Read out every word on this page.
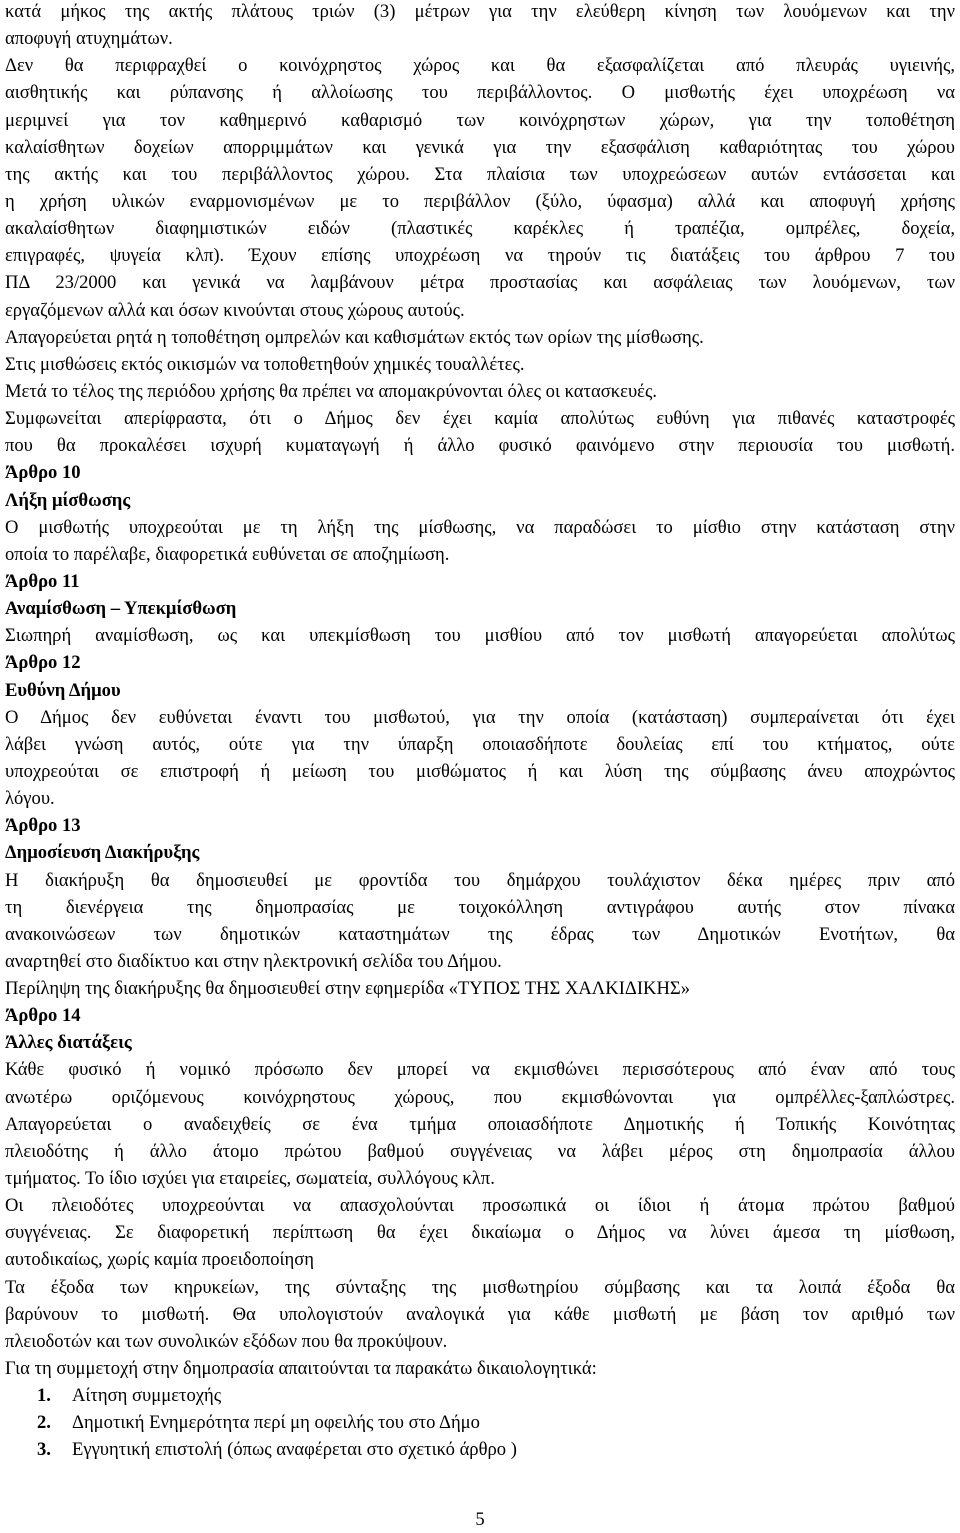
κατά μήκος της ακτής πλάτους τριών (3) μέτρων για την ελεύθερη κίνηση των λουόμενων και την
αποφυγή ατυχημάτων.
Δεν θα περιφραχθεί ο κοινόχρηστος χώρος και θα εξασφαλίζεται από πλευράς υγιεινής,
αισθητικής και ρύπανσης ή αλλοίωσης του περιβάλλοντος. Ο μισθωτής έχει υποχρέωση να
μεριμνεί για τον καθημερινό καθαρισμό των κοινόχρηστων χώρων, για την τοποθέτηση
καλαίσθητων δοχείων απορριμμάτων και γενικά για την εξασφάλιση καθαριότητας του χώρου
της ακτής και του περιβάλλοντος χώρου. Στα πλαίσια των υποχρεώσεων αυτών εντάσσεται και
η χρήση υλικών εναρμονισμένων με το περιβάλλον (ξύλο, ύφασμα) αλλά και αποφυγή χρήσης
ακαλαίσθητων διαφημιστικών ειδών (πλαστικές καρέκλες ή τραπέζια, ομπρέλες, δοχεία,
επιγραφές, ψυγεία κλπ). Έχουν επίσης υποχρέωση να τηρούν τις διατάξεις του άρθρου 7 του
ΠΔ 23/2000 και γενικά να λαμβάνουν μέτρα προστασίας και ασφάλειας των λουόμενων, των
εργαζόμενων αλλά και όσων κινούνται στους χώρους αυτούς.
Απαγορεύεται ρητά η τοποθέτηση ομπρελών και καθισμάτων εκτός των ορίων της μίσθωσης.
Στις μισθώσεις εκτός οικισμών να τοποθετηθούν χημικές τουαλλέτες.
Μετά το τέλος της περιόδου χρήσης θα πρέπει να απομακρύνονται όλες οι κατασκευές.
Συμφωνείται απερίφραστα, ότι ο Δήμος δεν έχει καμία απολύτως ευθύνη για πιθανές καταστροφές
που θα προκαλέσει ισχυρή κυματαγωγή ή άλλο φυσικό φαινόμενο στην περιουσία του μισθωτή.
Άρθρο 10
Λήξη μίσθωσης
Ο μισθωτής υποχρεούται με τη λήξη της μίσθωσης, να παραδώσει το μίσθιο στην κατάσταση στην
οποία το παρέλαβε, διαφορετικά ευθύνεται σε αποζημίωση.
Άρθρο 11
Αναμίσθωση – Υπεκμίσθωση
Σιωπηρή αναμίσθωση, ως και υπεκμίσθωση του μισθίου από τον μισθωτή απαγορεύεται απολύτως
Άρθρο 12
Ευθύνη Δήμου
Ο Δήμος δεν ευθύνεται έναντι του μισθωτού, για την οποία (κατάσταση) συμπεραίνεται ότι έχει
λάβει γνώση αυτός, ούτε για την ύπαρξη οποιασδήποτε δουλείας επί του κτήματος, ούτε
υποχρεούται σε επιστροφή ή μείωση του μισθώματος ή και λύση της σύμβασης άνευ αποχρώντος
λόγου.
Άρθρο 13
Δημοσίευση Διακήρυξης
Η διακήρυξη θα δημοσιευθεί με φροντίδα του δημάρχου τουλάχιστον δέκα ημέρες πριν από
τη διενέργεια της δημοπρασίας με τοιχοκόλληση αντιγράφου αυτής στον πίνακα
ανακοινώσεων των δημοτικών καταστημάτων της έδρας των Δημοτικών Ενοτήτων, θα
αναρτηθεί στο διαδίκτυο και στην ηλεκτρονική σελίδα του Δήμου.
Περίληψη της διακήρυξης θα δημοσιευθεί στην εφημερίδα «ΤΥΠΟΣ ΤΗΣ ΧΑΛΚΙΔΙΚΗΣ»
Άρθρο 14
Άλλες διατάξεις
Κάθε φυσικό ή νομικό πρόσωπο δεν μπορεί να εκμισθώνει περισσότερους από έναν από τους
ανωτέρω οριζόμενους κοινόχρηστους χώρους, που εκμισθώνονται για ομπρέλλες-ξαπλώστρες.
Απαγορεύεται ο αναδειχθείς σε ένα τμήμα οποιασδήποτε Δημοτικής ή Τοπικής Κοινότητας
πλειοδότης ή άλλο άτομο πρώτου βαθμού συγγένειας να λάβει μέρος στη δημοπρασία άλλου
τμήματος. Το ίδιο ισχύει για εταιρείες, σωματεία, συλλόγους κλπ.
Οι πλειοδότες υποχρεούνται να απασχολούνται προσωπικά οι ίδιοι ή άτομα πρώτου βαθμού
συγγένειας. Σε διαφορετική περίπτωση θα έχει δικαίωμα ο Δήμος να λύνει άμεσα τη μίσθωση,
αυτοδικαίως, χωρίς καμία προειδοποίηση
Τα έξοδα των κηρυκείων, της σύνταξης της μισθωτηρίου σύμβασης και τα λοιπά έξοδα θα
βαρύνουν το μισθωτή. Θα υπολογιστούν αναλογικά για κάθε μισθωτή με βάση τον αριθμό των
πλειοδοτών και των συνολικών εξόδων που θα προκύψουν.
Για τη συμμετοχή στην δημοπρασία απαιτούνται τα παρακάτω δικαιολογητικά:
1.	Αίτηση συμμετοχής
2.	Δημοτική Ενημερότητα περί μη οφειλής του στο Δήμο
3.	Εγγυητική επιστολή (όπως αναφέρεται στο σχετικό άρθρο )
5
